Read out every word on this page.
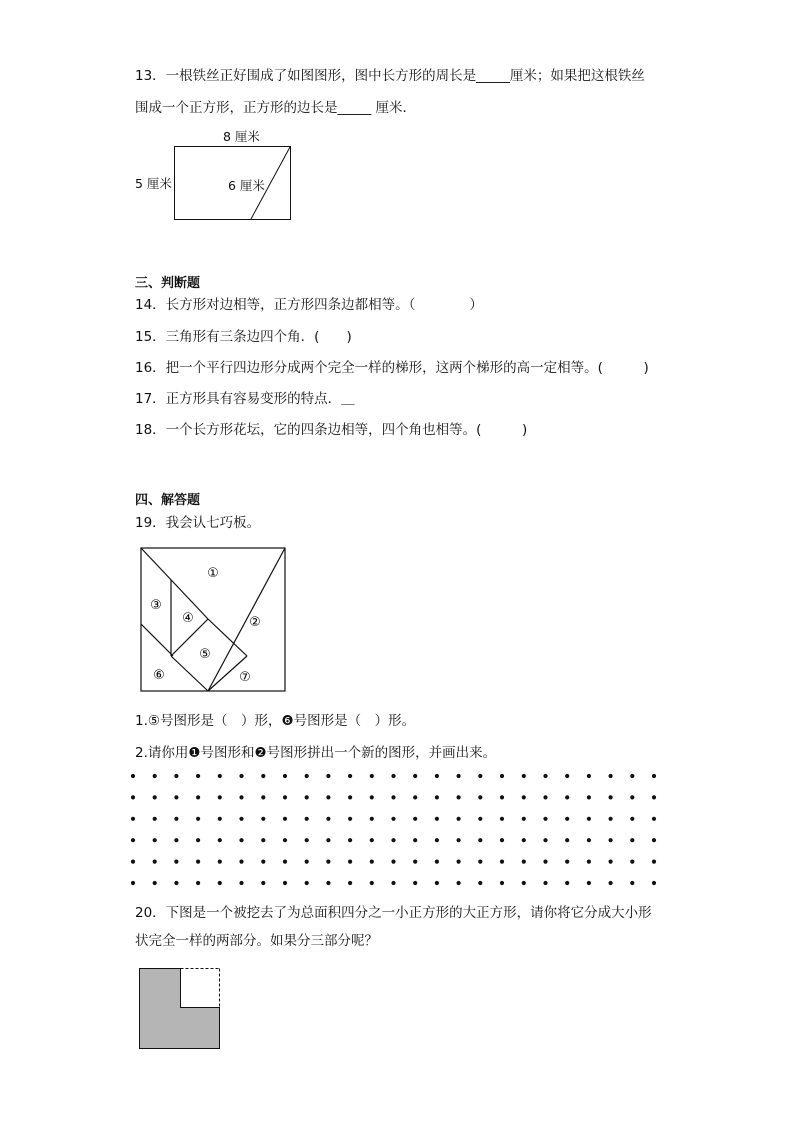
13．一根铁丝正好围成了如图图形，图中长方形的周长是_____厘米；如果把这根铁丝
围成一个正方形，正方形的边长是_____ 厘米．
8 厘米
5 厘米	6 厘米
三、判断题
14．长方形对边相等，正方形四条边都相等。（　　　　）
15．三角形有三条边四个角．(　　)
16．把一个平行四边形分成两个完全一样的梯形，这两个梯形的高一定相等。(　　　)
17．正方形具有容易变形的特点．＿
18．一个长方形花坛，它的四条边相等，四个角也相等。(　　　)
四、解答题
19．我会认七巧板。
①
②
③
④
⑤
⑥	⑦
1.⑤号图形是（　）形，❻号图形是（　）形。
2.请你用❶号图形和❷号图形拼出一个新的图形，并画出来。
20．下图是一个被挖去了为总面积四分之一小正方形的大正方形，请你将它分成大小形
状完全一样的两部分。如果分三部分呢？
